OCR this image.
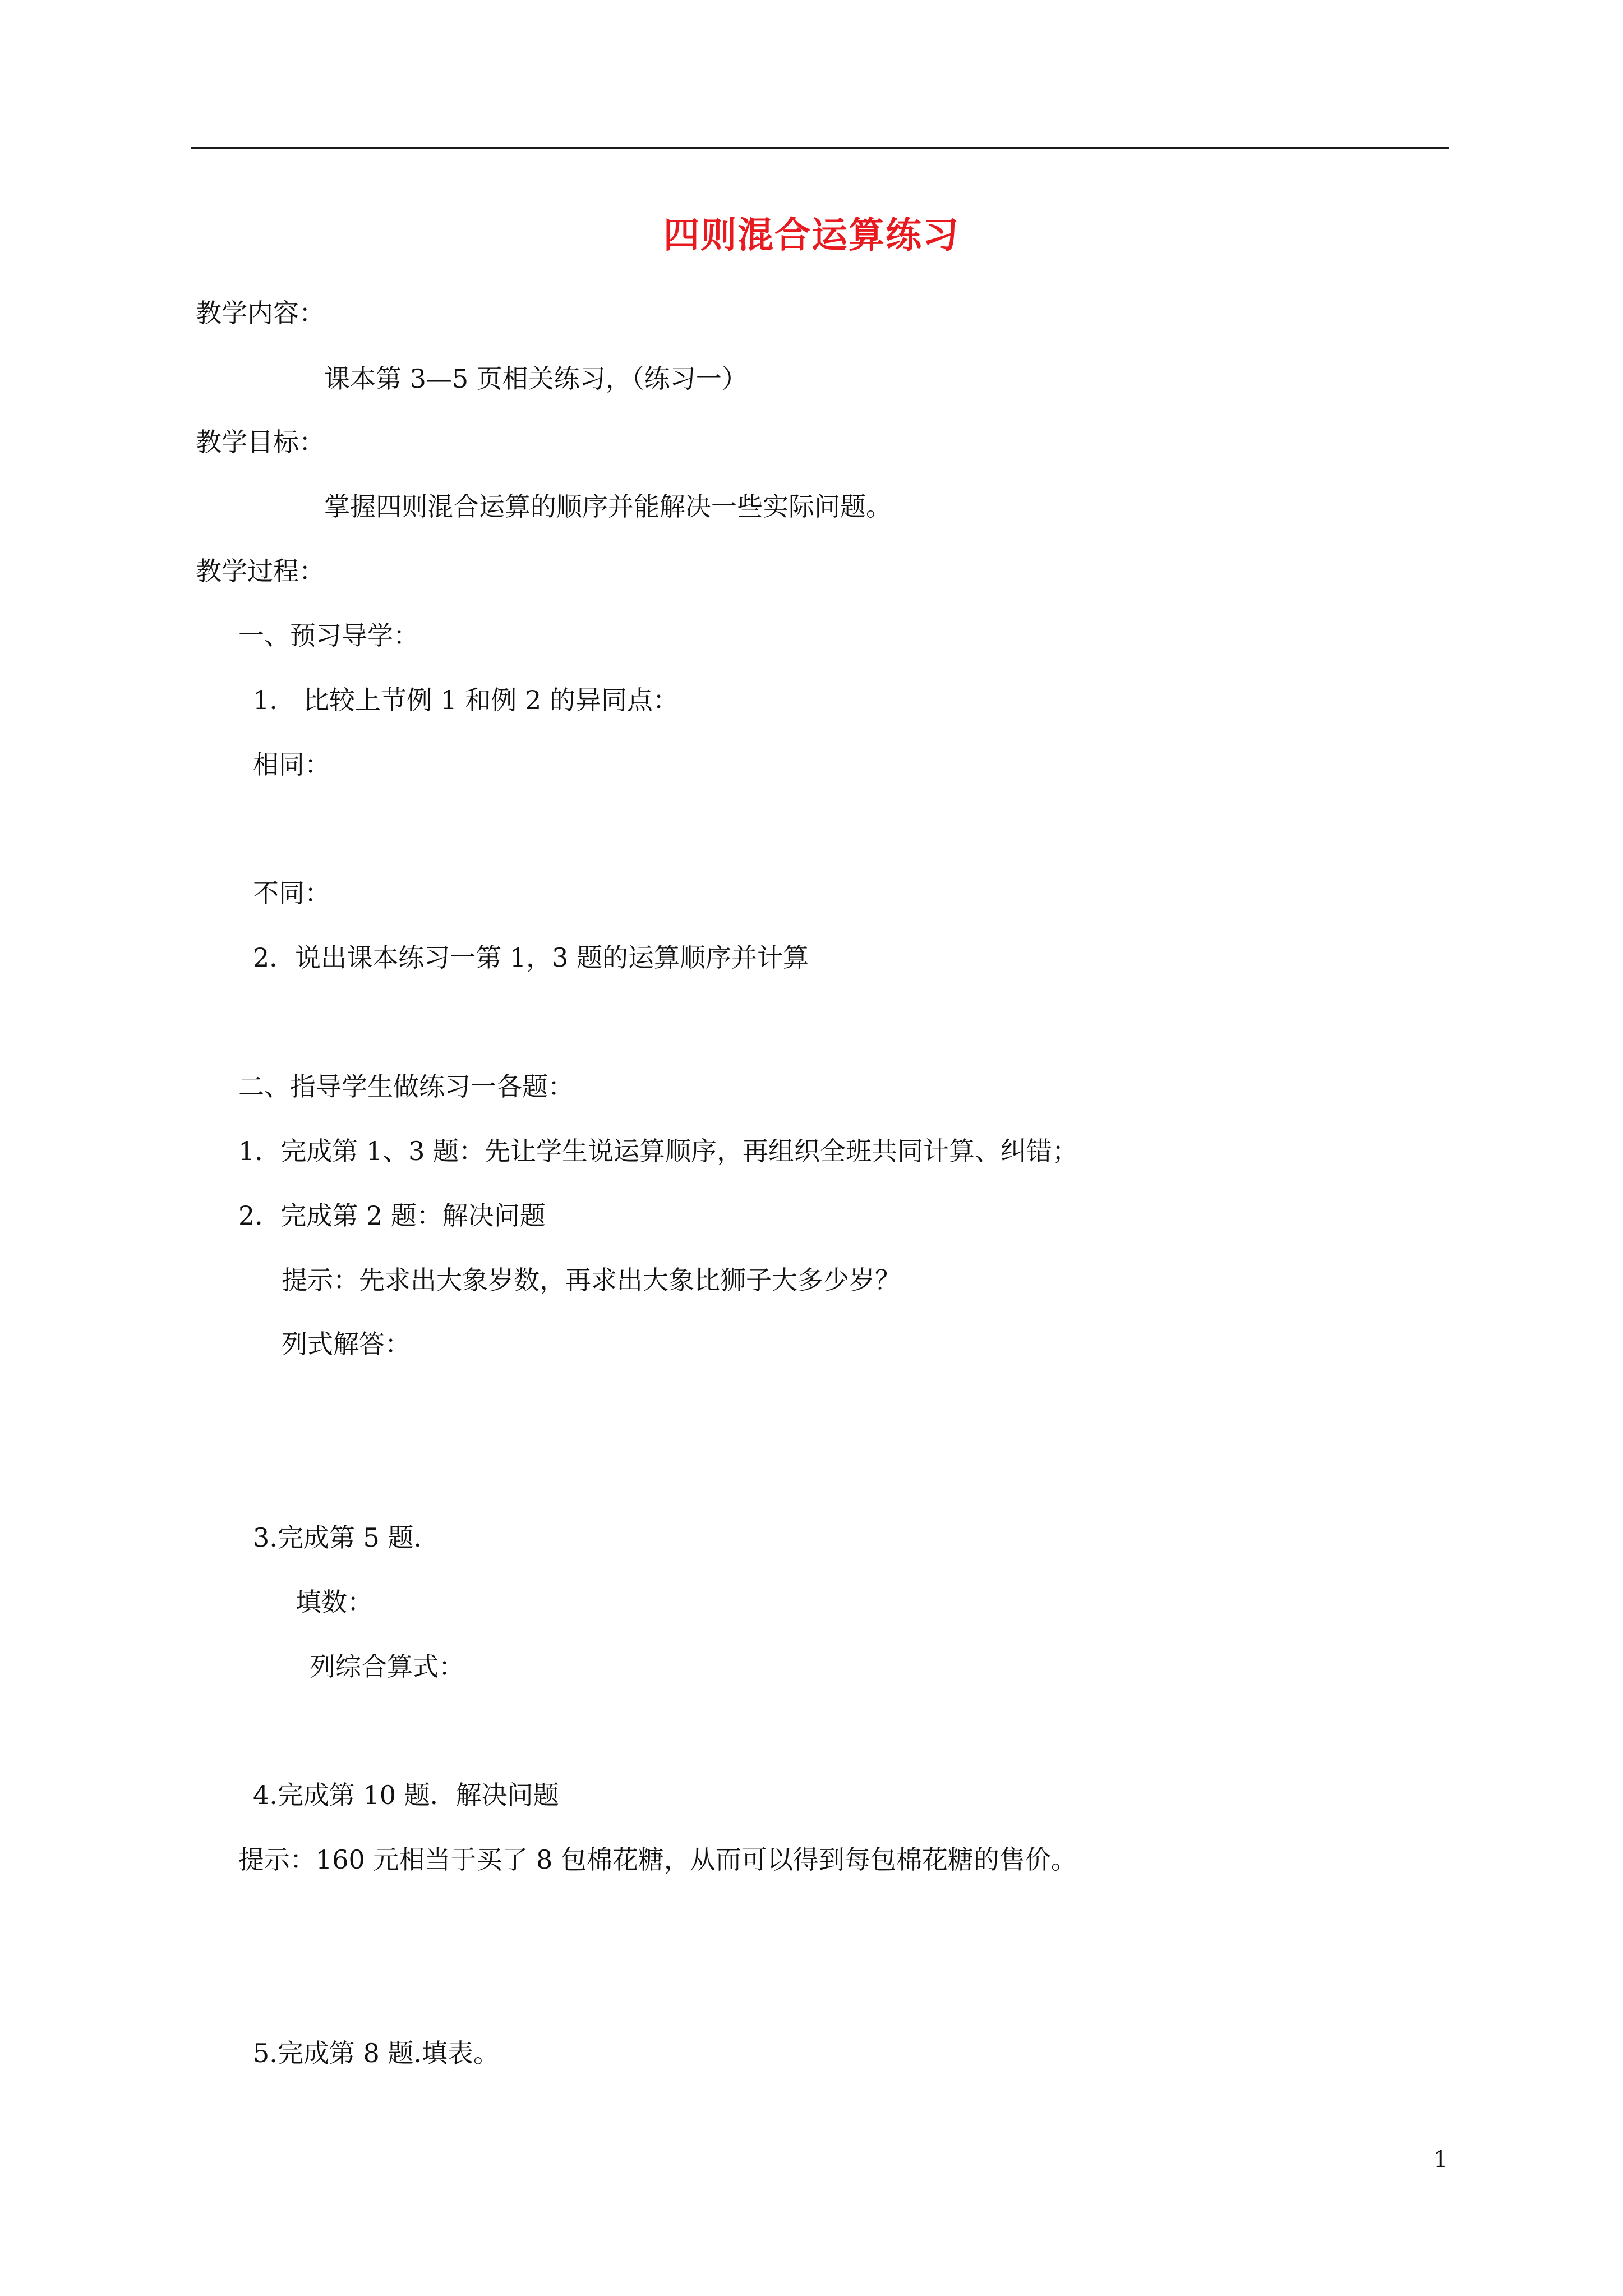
四则混合运算练习
教学内容：
课本第 3—5 页相关练习，（练习一）
教学目标：
掌握四则混合运算的顺序并能解决一些实际问题。
教学过程：
一、预习导学：
1.　比较上节例 1 和例 2 的异同点：
相同：
不同：
2．说出课本练习一第 1，3 题的运算顺序并计算
二、指导学生做练习一各题：
1．完成第 1、3 题：先让学生说运算顺序，再组织全班共同计算、纠错；
2．完成第 2 题：解决问题
提示：先求出大象岁数，再求出大象比狮子大多少岁？
列式解答：
3.完成第 5 题.
填数：
列综合算式：
4.完成第 10 题．解决问题
提示：160 元相当于买了 8 包棉花糖，从而可以得到每包棉花糖的售价。
5.完成第 8 题.填表。
1
